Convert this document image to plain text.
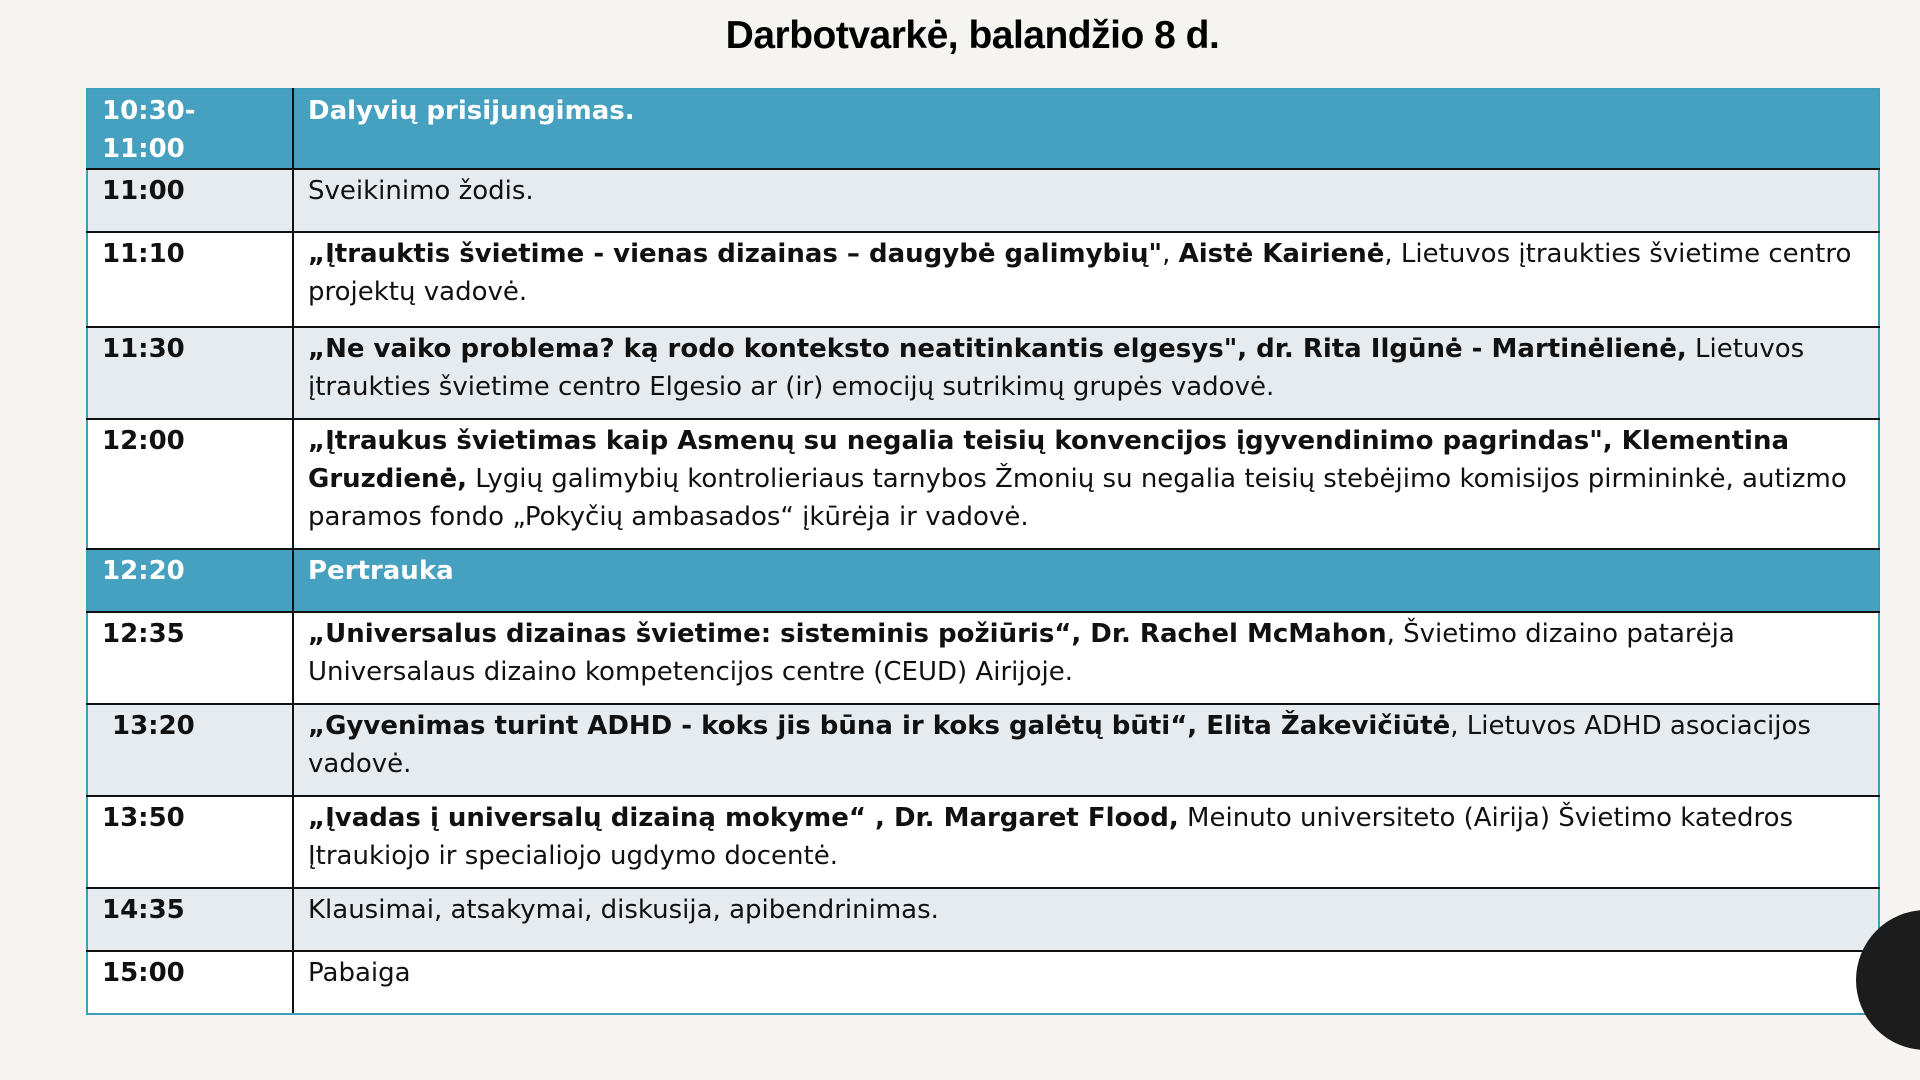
Darbotvarkė, balandžio 8 d.
10:30-11:00	Dalyvių prisijungimas.
11:00	Sveikinimo žodis.
11:10	„Įtrauktis švietime - vienas dizainas – daugybė galimybių", Aistė Kairienė, Lietuvos įtraukties švietime centro projektų vadovė.
11:30	„Ne vaiko problema? ką rodo konteksto neatitinkantis elgesys", dr. Rita Ilgūnė - Martinėlienė, Lietuvos įtraukties švietime centro Elgesio ar (ir) emocijų sutrikimų grupės vadovė.
12:00	„Įtraukus švietimas kaip Asmenų su negalia teisių konvencijos įgyvendinimo pagrindas", Klementina Gruzdienė, Lygių galimybių kontrolieriaus tarnybos Žmonių su negalia teisių stebėjimo komisijos pirmininkė, autizmo paramos fondo „Pokyčių ambasados“ įkūrėja ir vadovė.
12:20	Pertrauka
12:35	„Universalus dizainas švietime: sisteminis požiūris“, Dr. Rachel McMahon, Švietimo dizaino patarėja Universalaus dizaino kompetencijos centre (CEUD) Airijoje.
13:20	„Gyvenimas turint ADHD - koks jis būna ir koks galėtų būti“, Elita Žakevičiūtė, Lietuvos ADHD asociacijos vadovė.
13:50	„Įvadas į universalų dizainą mokyme“ , Dr. Margaret Flood, Meinuto universiteto (Airija) Švietimo katedros Įtraukiojo ir specialiojo ugdymo docentė.
14:35	Klausimai, atsakymai, diskusija, apibendrinimas.
15:00	Pabaiga
